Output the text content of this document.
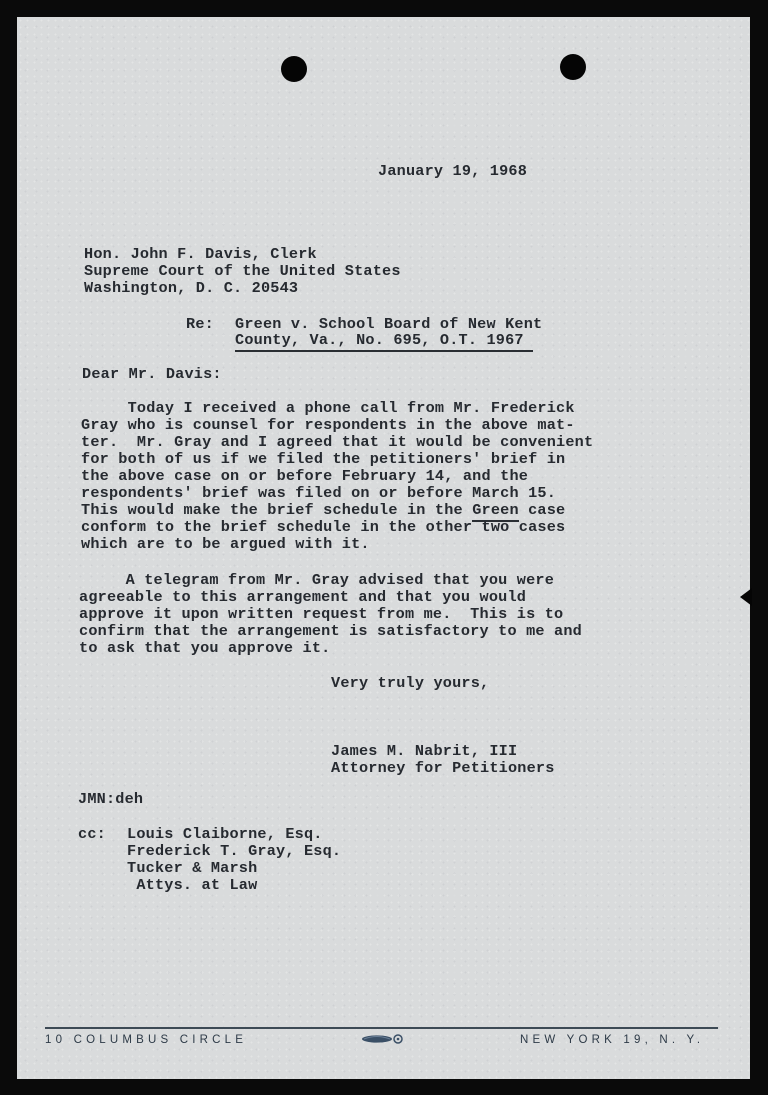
January 19, 1968

Hon. John F. Davis, Clerk

Supreme Court of the United States

Washington, D. C. 20543

Re: Green v. School Board of New Kent

County, Va., No. 695, O.T. 1967

Dear Mr. Davis:

Today I received a phone call from Mr. Frederick

Gray who is counsel for respondents in the above mat-

ter.  Mr. Gray and I agreed that it would be convenient

for both of us if we filed the petitioners' brief in

the above case on or before February 14, and the

respondents' brief was filed on or before March 15.

This would make the brief schedule in the Green case

conform to the brief schedule in the other two cases

which are to be argued with it.

A telegram from Mr. Gray advised that you were

agreeable to this arrangement and that you would

approve it upon written request from me.  This is to

confirm that the arrangement is satisfactory to me and

to ask that you approve it.

Very truly yours,

James M. Nabrit, III

Attorney for Petitioners

JMN:deh

cc: Louis Claiborne, Esq.

Frederick T. Gray, Esq.

Tucker & Marsh

Attys. at Law

10 COLUMBUS CIRCLE	NEW YORK 19, N. Y.
